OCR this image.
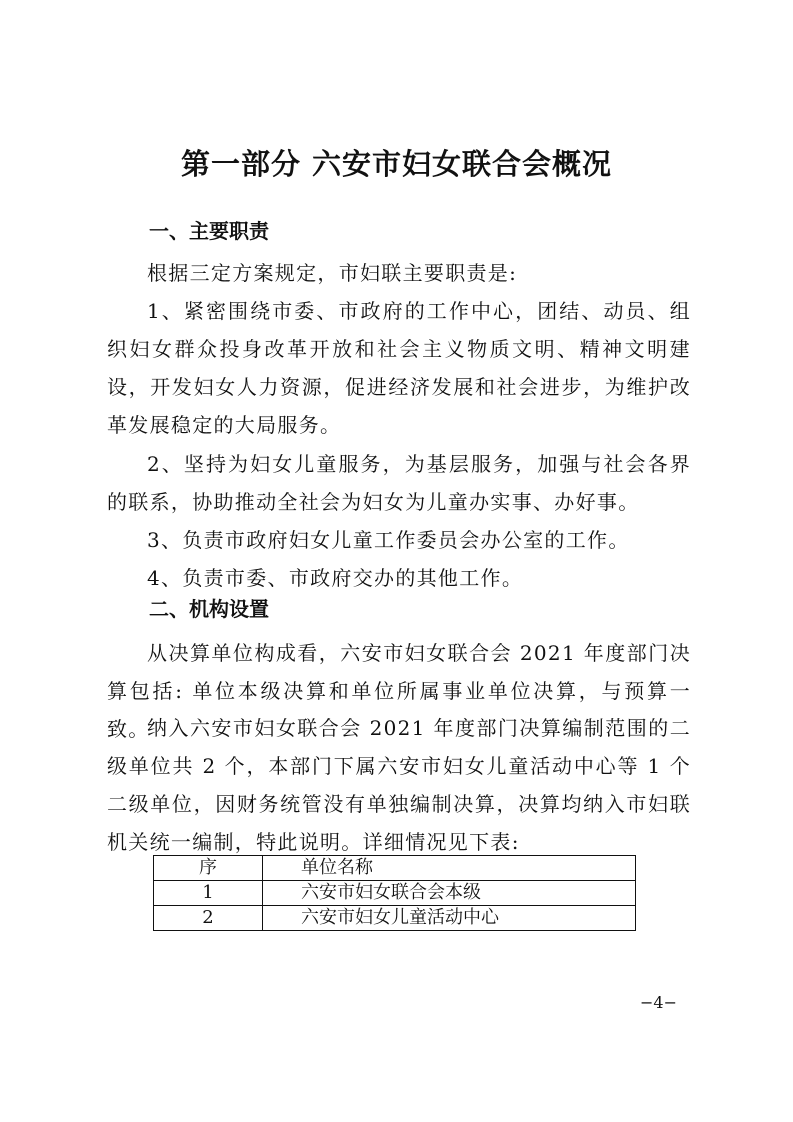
第一部分 六安市妇女联合会概况
一、主要职责

根据三定方案规定，市妇联主要职责是:

1、紧密围绕市委、市政府的工作中心，团结、动员、组织妇女群众投身改革开放和社会主义物质文明、精神文明建设，开发妇女人力资源，促进经济发展和社会进步，为维护改革发展稳定的大局服务。

2、坚持为妇女儿童服务，为基层服务，加强与社会各界的联系，协助推动全社会为妇女为儿童办实事、办好事。

3、负责市政府妇女儿童工作委员会办公室的工作。

4、负责市委、市政府交办的其他工作。

二、机构设置

从决算单位构成看，六安市妇女联合会 2021 年度部门决算包括: 单位本级决算和单位所属事业单位决算，与预算一致。

纳入六安市妇女联合会 2021 年度部门决算编制范围的二级单位共 2 个，本部门下属六安市妇女儿童活动中心等 1 个二级单位，因财务统管没有单独编制决算，决算均纳入市妇联机关统一编制，特此说明。详细情况见下表:

序	单位名称
1	六安市妇女联合会本级
2	六安市妇女儿童活动中心

−4−
